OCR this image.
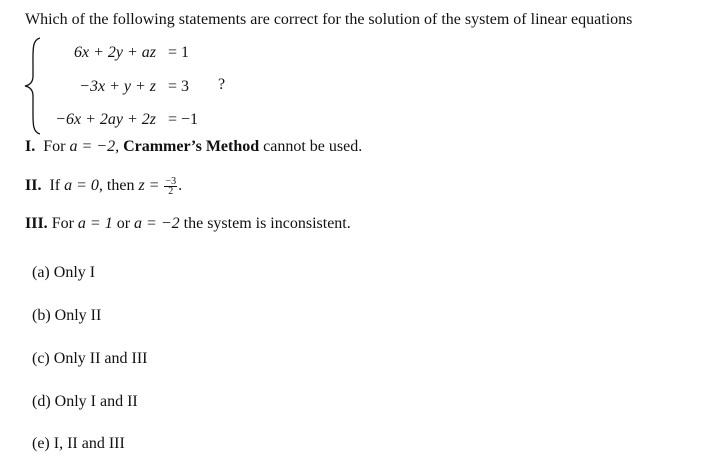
Which of the following statements are correct for the solution of the system of linear equations
6x + 2y + az = 1
−3x + y + z = 3
−6x + 2ay + 2z = −1
?
I. For a = −2, Crammer’s Method cannot be used.
II. If a = 0, then $z = \frac{-3}{2}$ .
III. For a = 1 or a = −2 the system is inconsistent.
(a) Only I
(b) Only II
(c) Only II and III
(d) Only I and II
(e) I, II and III
